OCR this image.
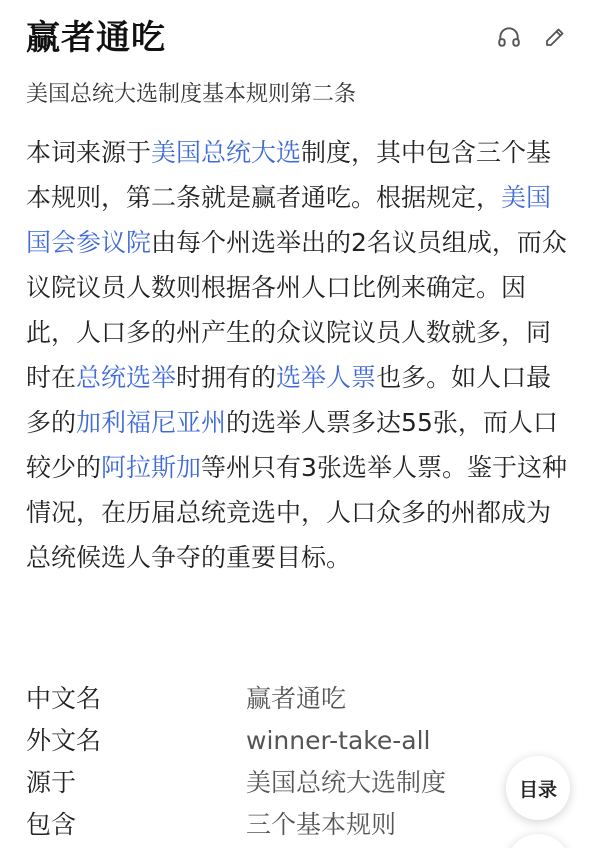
赢者通吃
美国总统大选制度基本规则第二条
本词来源于美国总统大选制度，其中包含三个基本规则，第二条就是赢者通吃。根据规定，美国国会参议院由每个州选举出的2名议员组成，而众议院议员人数则根据各州人口比例来确定。因此，人口多的州产生的众议院议员人数就多，同时在总统选举时拥有的选举人票也多。如人口最多的加利福尼亚州的选举人票多达55张，而人口较少的阿拉斯加等州只有3张选举人票。鉴于这种情况，在历届总统竞选中，人口众多的州都成为总统候选人争夺的重要目标。
中文名	赢者通吃
外文名	winner-take-all
源于	美国总统大选制度
包含	三个基本规则
目录
